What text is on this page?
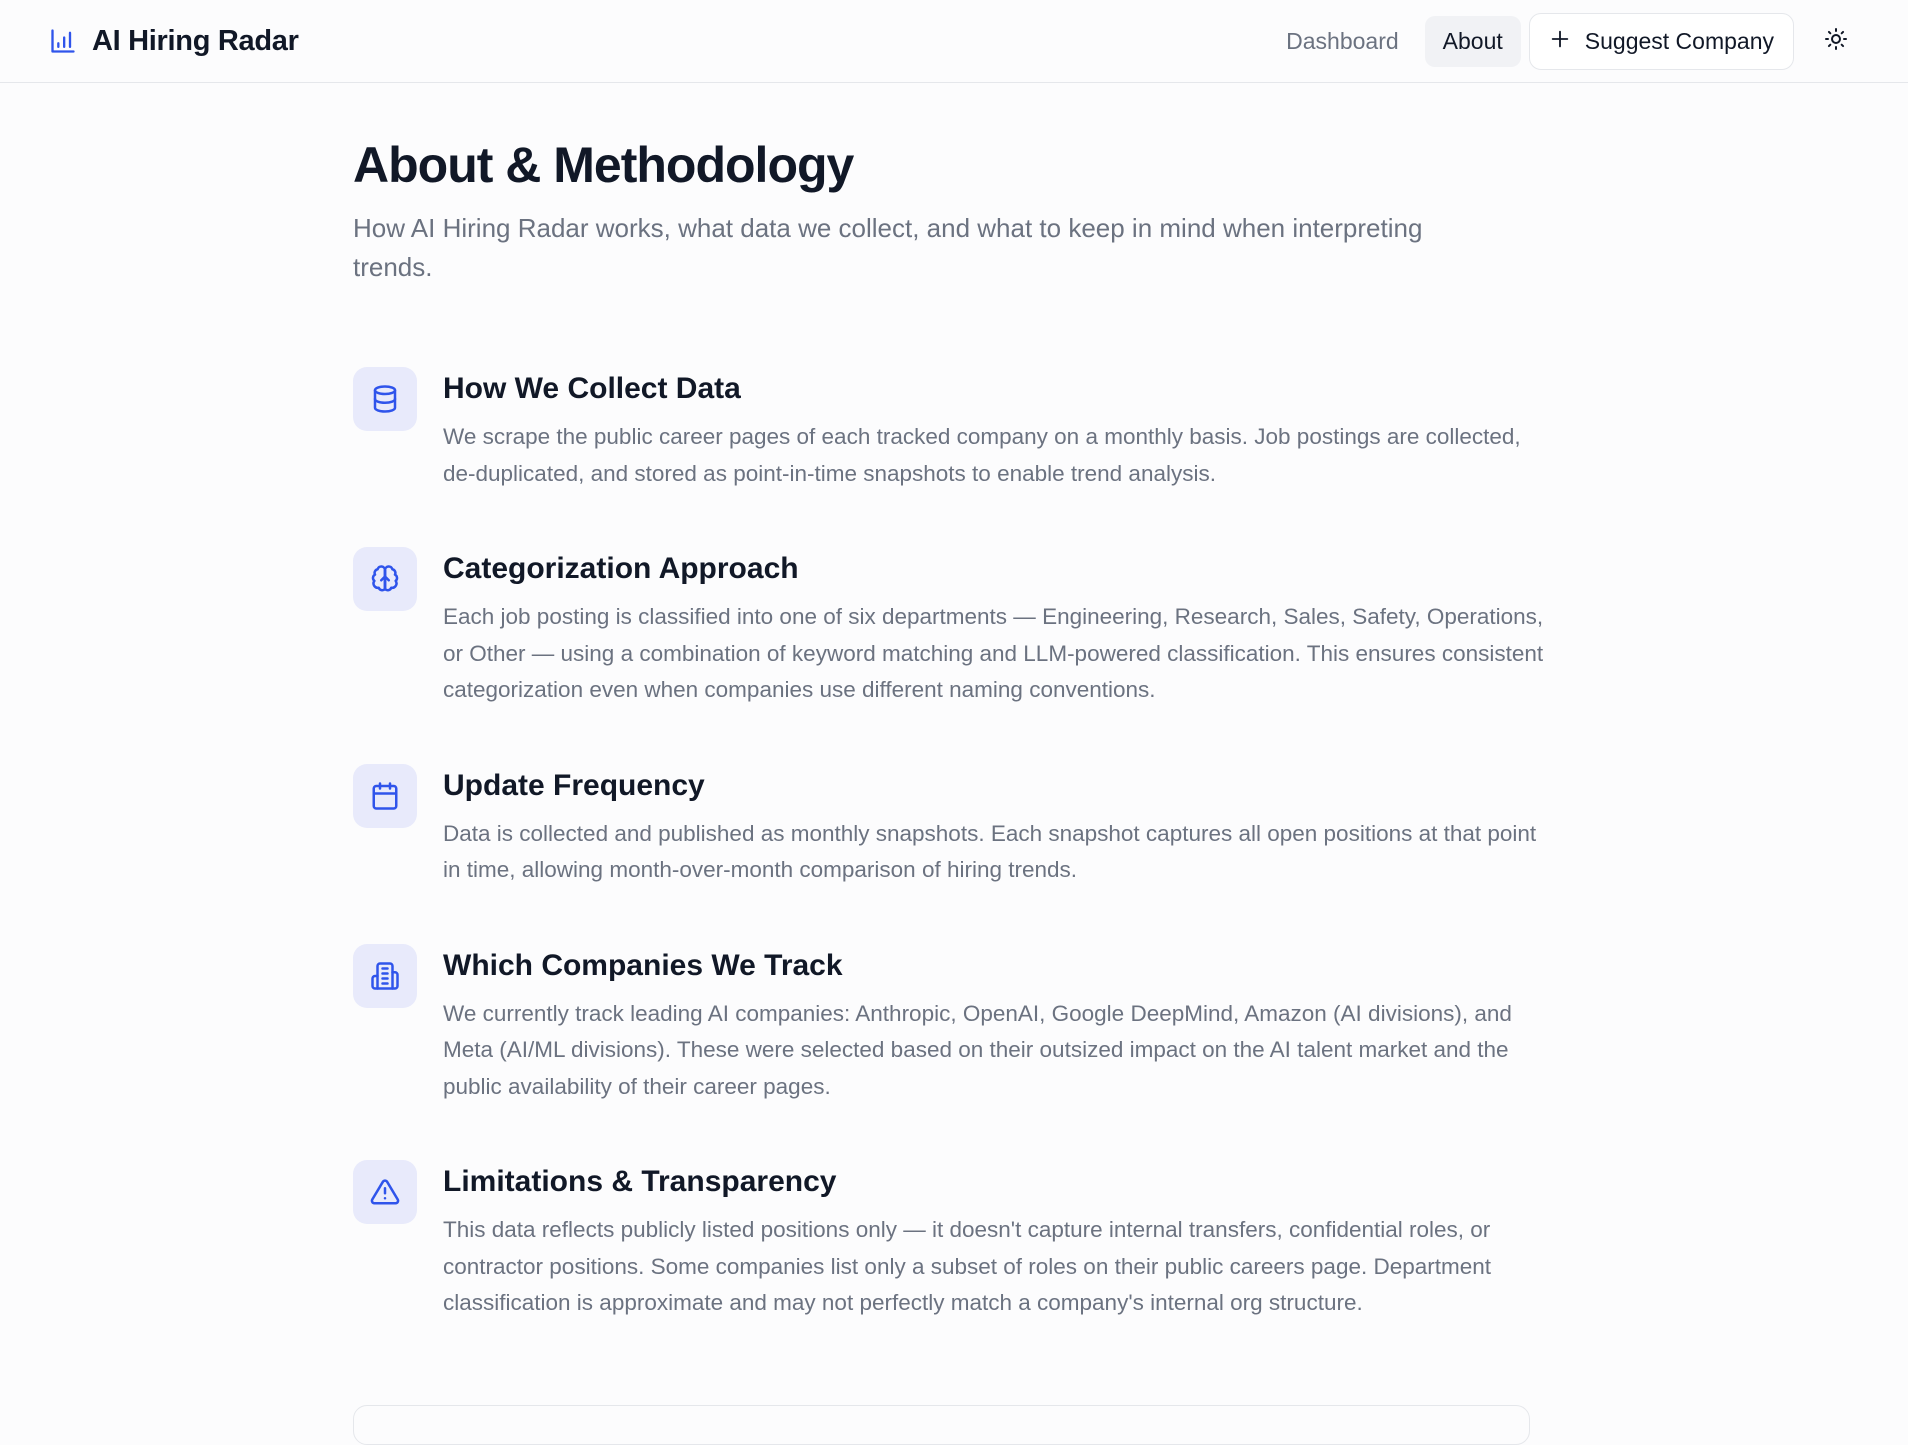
AI Hiring Radar	Dashboard	About	Suggest Company
About & Methodology

How AI Hiring Radar works, what data we collect, and what to keep in mind when interpreting trends.

How We Collect Data

We scrape the public career pages of each tracked company on a monthly basis. Job postings are collected, de-duplicated, and stored as point-in-time snapshots to enable trend analysis.

Categorization Approach

Each job posting is classified into one of six departments — Engineering, Research, Sales, Safety, Operations, or Other — using a combination of keyword matching and LLM-powered classification. This ensures consistent categorization even when companies use different naming conventions.

Update Frequency

Data is collected and published as monthly snapshots. Each snapshot captures all open positions at that point in time, allowing month-over-month comparison of hiring trends.

Which Companies We Track

We currently track leading AI companies: Anthropic, OpenAI, Google DeepMind, Amazon (AI divisions), and Meta (AI/ML divisions). These were selected based on their outsized impact on the AI talent market and the public availability of their career pages.

Limitations & Transparency

This data reflects publicly listed positions only — it doesn't capture internal transfers, confidential roles, or contractor positions. Some companies list only a subset of roles on their public careers page. Department classification is approximate and may not perfectly match a company's internal org structure.
